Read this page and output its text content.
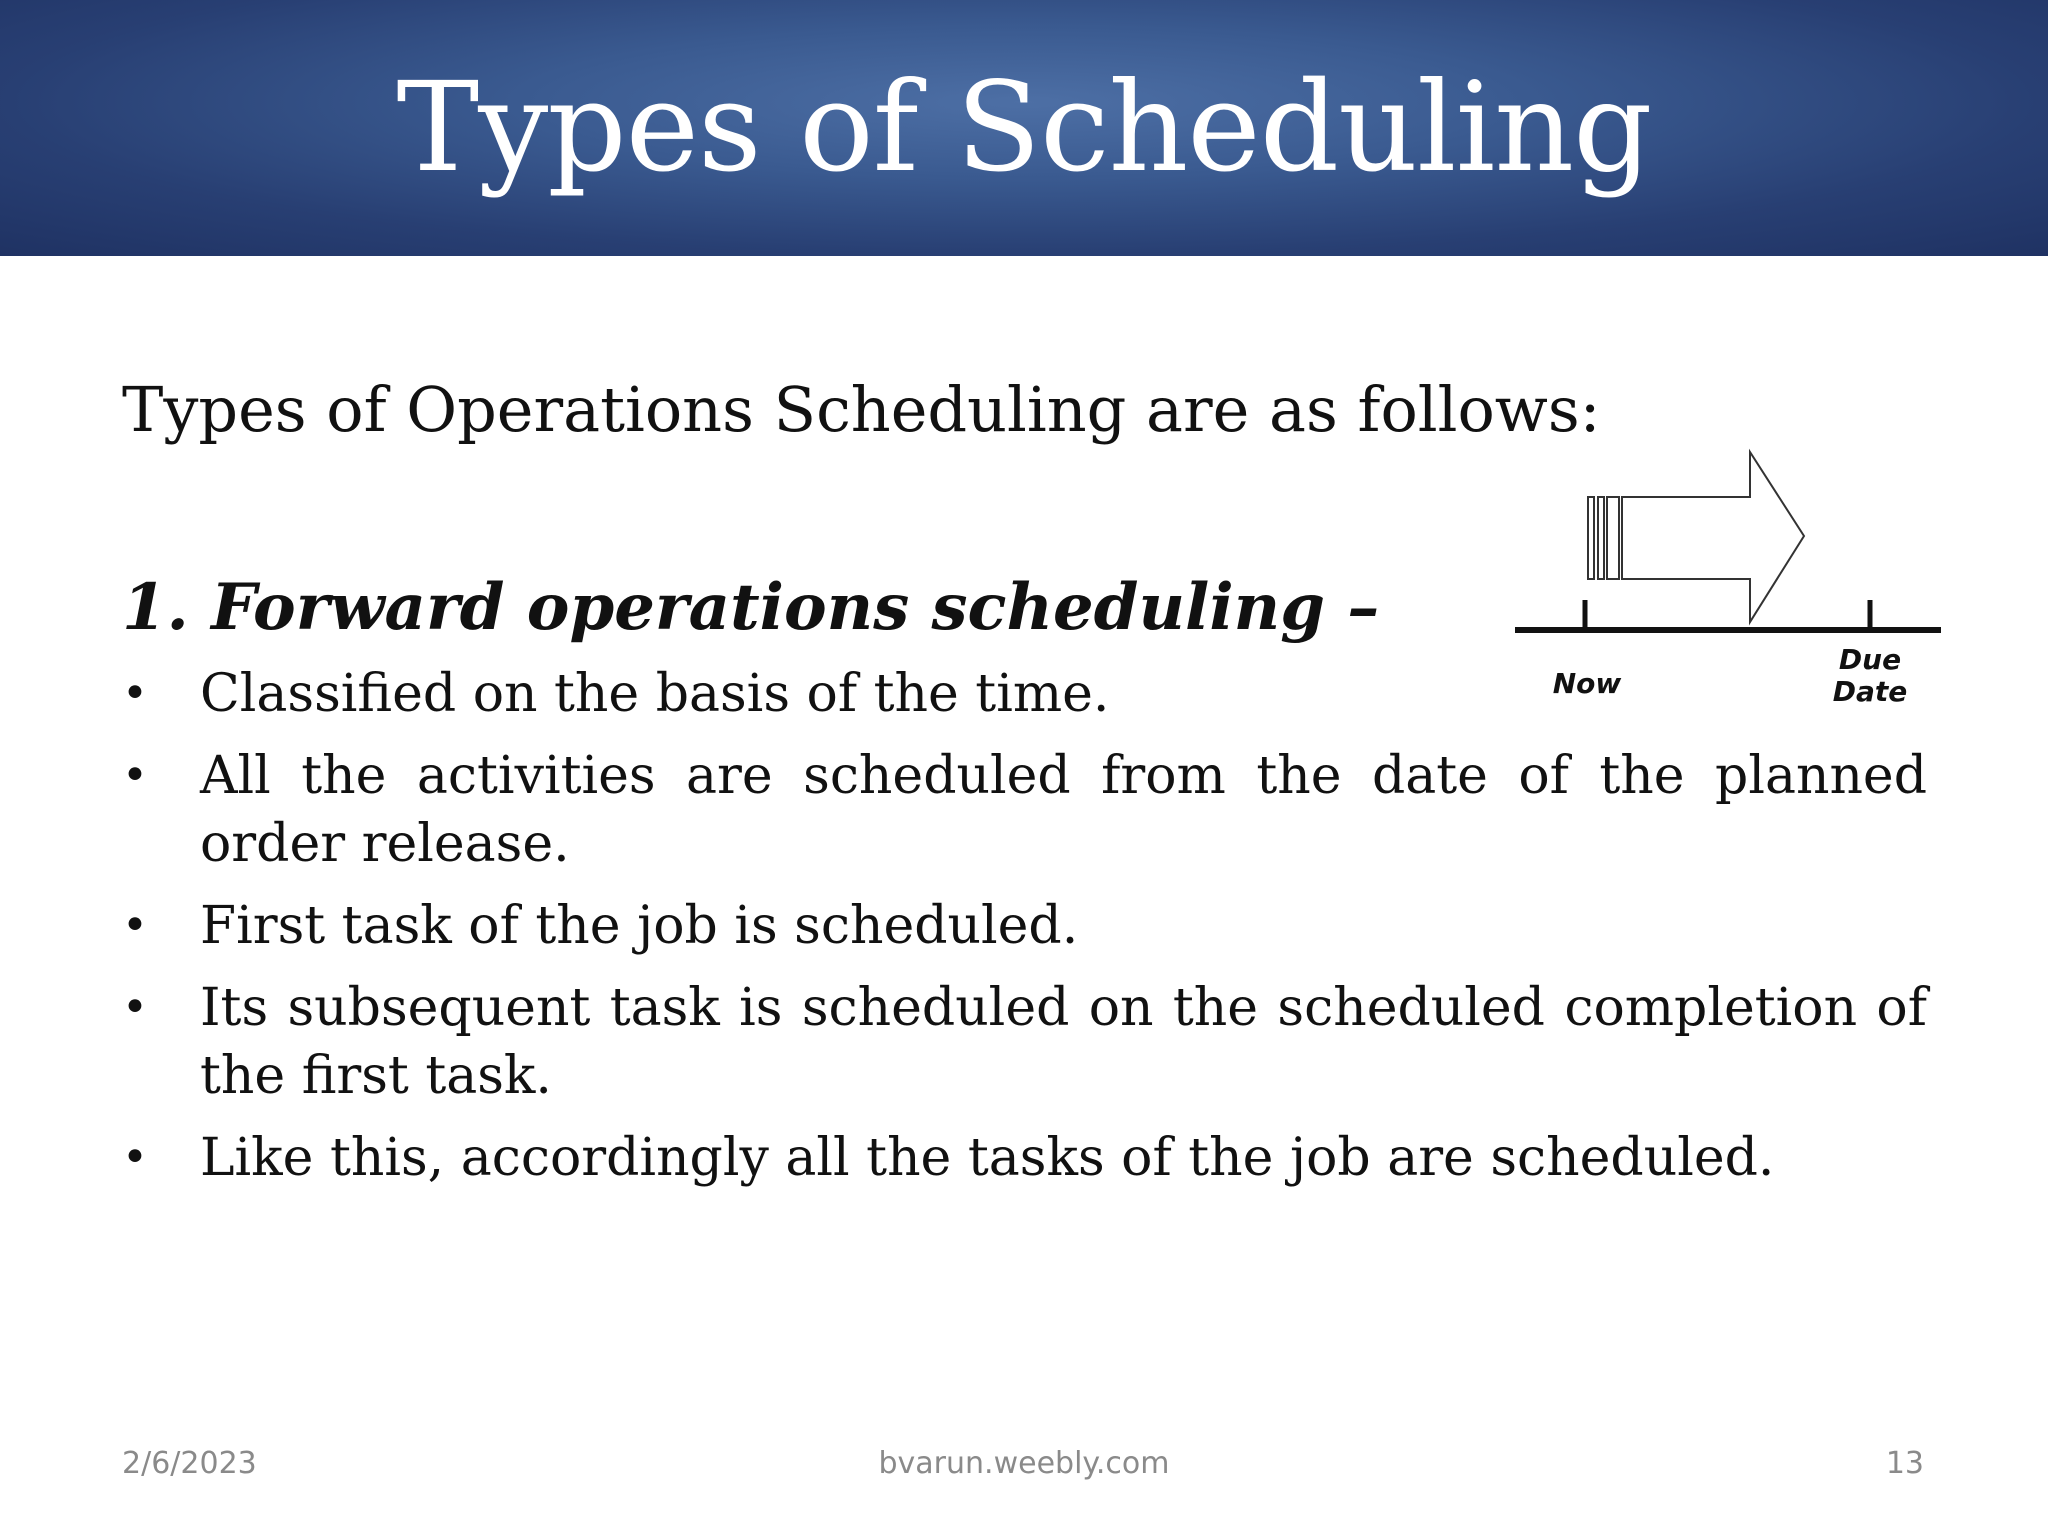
Types of Scheduling
Types of Operations Scheduling are as follows:
1. Forward operations scheduling –
• Classified on the basis of the time.
• All the activities are scheduled from the date of the planned order release.
• First task of the job is scheduled.
• Its subsequent task is scheduled on the scheduled completion of the first task.
• Like this, accordingly all the tasks of the job are scheduled.
Now
Due
Date
2/6/2023	bvarun.weebly.com	13
